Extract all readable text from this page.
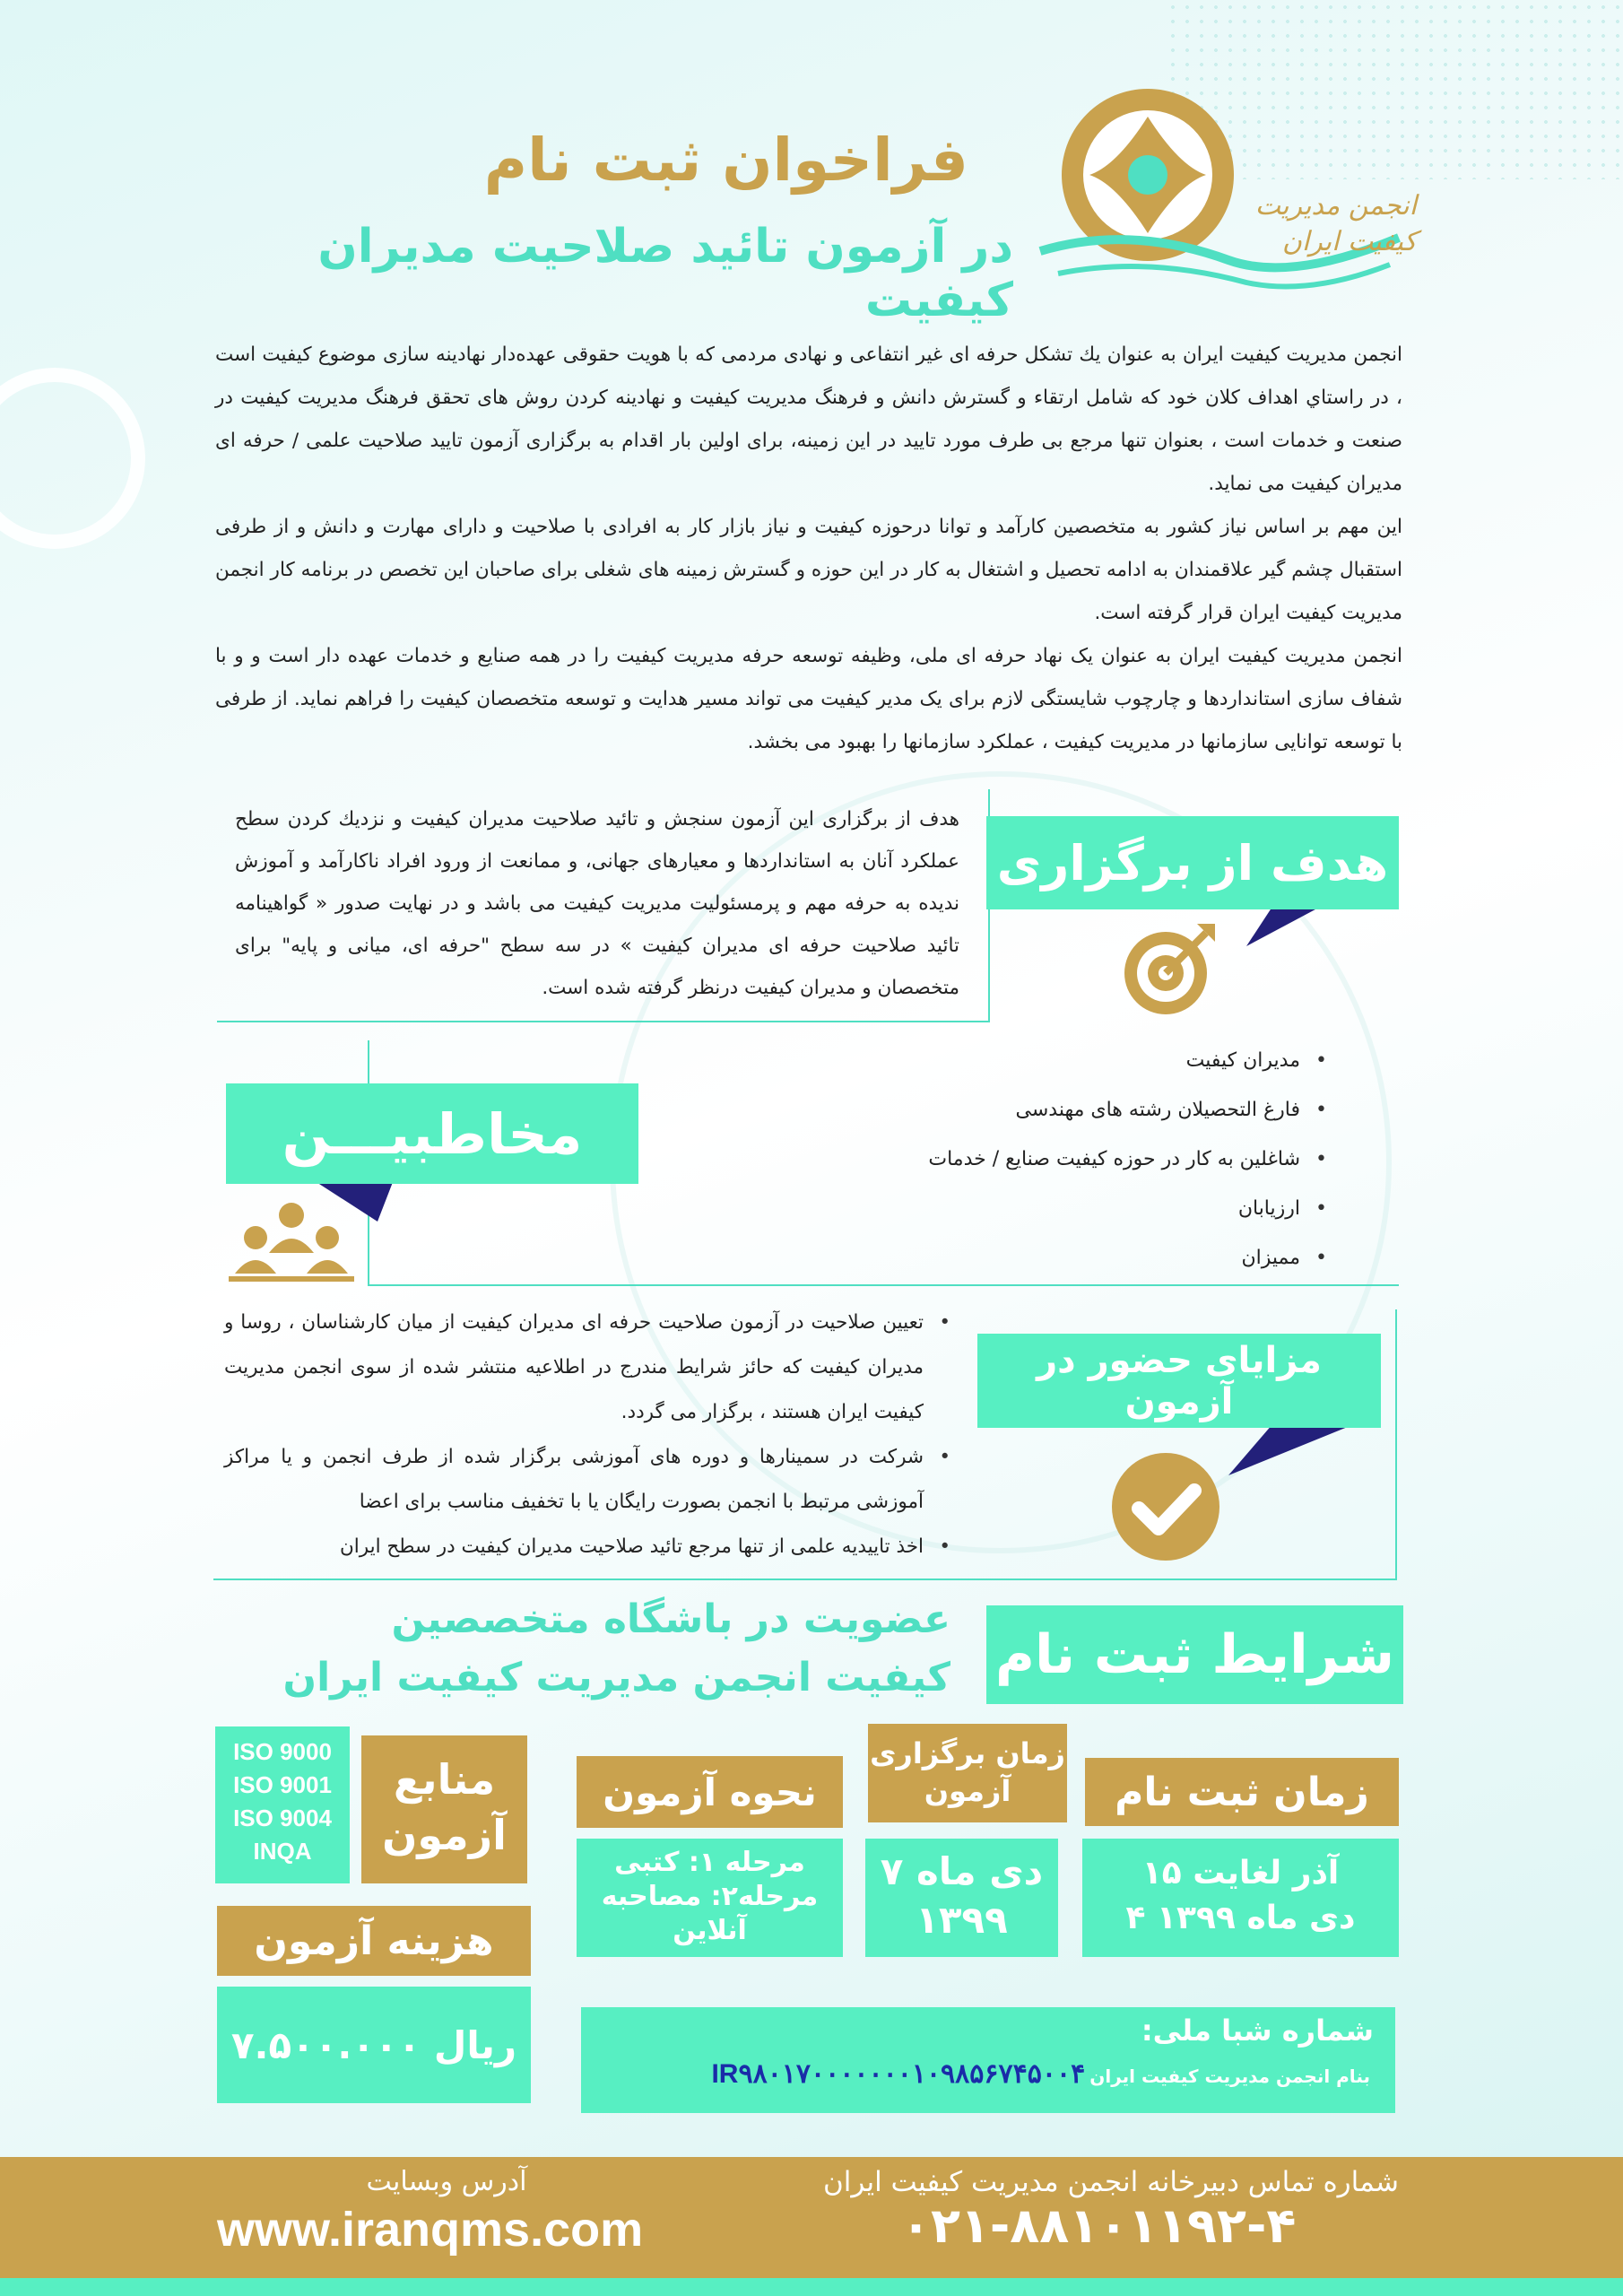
انجمن مدیریت کیفیت ایران
فراخوان ثبت نام
در آزمون تائید صلاحیت مدیران کیفیت

انجمن مدیریت کیفیت ایران به عنوان یك تشکل حرفه ای غیر انتفاعی و نهادی مردمی که با هویت حقوقی عهده‌دار نهادینه سازی موضوع کیفیت است ، در راستاي اهداف کلان خود که شامل ارتقاء و گسترش دانش و فرهنگ مدیریت کیفیت و نهادینه کردن روش های تحقق فرهنگ مدیریت کیفیت در صنعت و خدمات است ، بعنوان تنها مرجع بی طرف مورد تایید در این زمینه، برای اولین بار اقدام به برگزاری آزمون تایید صلاحیت علمی / حرفه ای مدیران کیفیت می نماید.

این مهم بر اساس نیاز کشور به متخصصین کارآمد و توانا درحوزه کیفیت و نیاز بازار کار به افرادی با صلاحیت و دارای مهارت و دانش و از طرفی استقبال چشم گیر علاقمندان به ادامه تحصیل و اشتغال به کار در این حوزه و گسترش زمینه های شغلی برای صاحبان این تخصص در برنامه کار انجمن مدیریت کیفیت ایران قرار گرفته است.

انجمن مدیریت کیفیت ایران به عنوان یک نهاد حرفه ای ملی، وظیفه توسعه حرفه مدیریت کیفیت را در همه صنایع و خدمات عهده دار است و و با شفاف سازی استانداردها و چارچوب شایستگی لازم برای یک مدیر کیفیت می تواند مسیر هدایت و توسعه متخصصان کیفیت را فراهم نماید. از طرفی با توسعه توانایی سازمانها در مدیریت کیفیت ، عملکرد سازمانها را بهبود می بخشد.

هدف از برگزاری این آزمون سنجش و تائید صلاحیت مدیران کیفیت و نزدیك کردن سطح عملکرد آنان به استانداردها و معیارهای جهانی، و ممانعت از ورود افراد ناکارآمد و آموزش ندیده به حرفه مهم و پرمسئولیت مدیریت کیفیت می باشد و در نهایت صدور « گواهینامه تائید صلاحیت حرفه ای مدیران کیفیت » در سه سطح "حرفه ای، میانی و پایه" برای متخصصان و مدیران کیفیت درنظر گرفته شده است.
هدف از برگزاری
مخاطبیـــن
• مدیران کیفیت
• فارغ التحصیلان رشته های مهندسی
• شاغلین به کار در حوزه کیفیت صنایع / خدمات
• ارزیابان
• ممیزان
• تعیین صلاحیت در آزمون صلاحیت حرفه ای مدیران کیفیت از میان کارشناسان ، روسا و مدیران کیفیت که حائز شرایط مندرج در اطلاعیه منتشر شده از سوی انجمن مدیریت کیفیت ایران هستند ، برگزار می گردد.
• شرکت در سمینارها و دوره های آموزشی برگزار شده از طرف انجمن و یا مراکز آموزشی مرتبط با انجمن بصورت رایگان یا با تخفیف مناسب برای اعضا
• اخذ تاییدیه علمی از تنها مرجع تائید صلاحیت مدیران کیفیت در سطح ایران
مزایای حضور در آزمون
شرایط ثبت نام
عضویت در باشگاه متخصصین
کیفیت انجمن مدیریت کیفیت ایران
زمان ثبت نام
۱۵ آذر لغایت
۴ دی ماه ۱۳۹۹
زمان برگزاری
آزمون
۷ دی ماه
۱۳۹۹
نحوه آزمون
مرحله ۱: کتبی
مرحله۲: مصاحبه
آنلاین
منابع
آزمون
ISO 9000
ISO 9001
ISO 9004
INQA
هزینه آزمون
۷.۵۰۰.۰۰۰ ریال	شماره شبا ملی:
بنام انجمن مدیریت کیفیت ایران IR۹۸۰۱۷۰۰۰۰۰۰۰۱۰۹۸۵۶۷۴۵۰۰۴
آدرس وبسایت
www.iranqms.com
شماره تماس دبیرخانه انجمن مدیریت کیفیت ایران
۰۲۱-۸۸۱۰۱۱۹۲-۴
